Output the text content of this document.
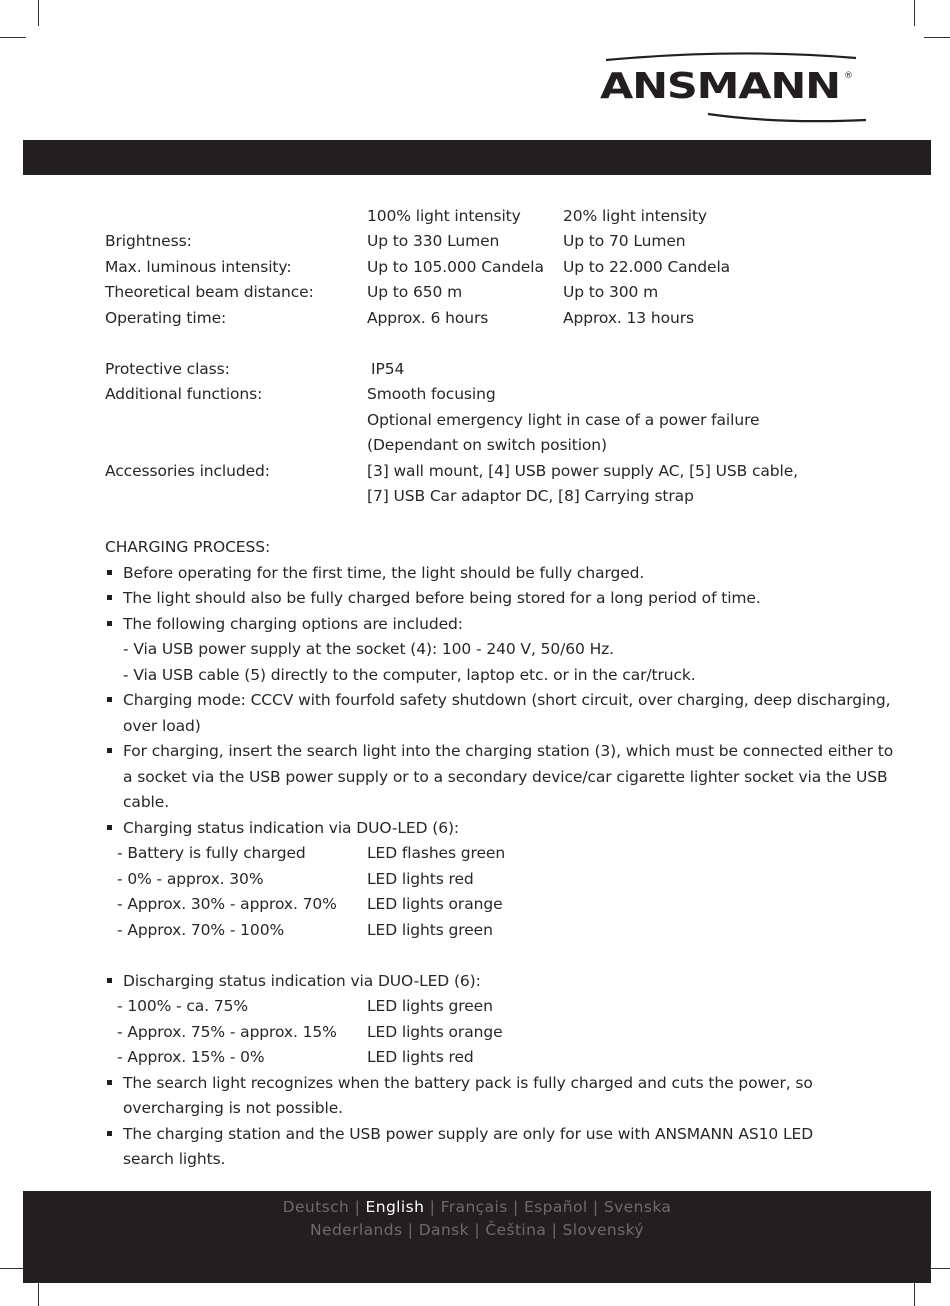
ANSMANN ®
100% light intensity	20% light intensity
Brightness:	Up to 330 Lumen	Up to 70 Lumen
Max. luminous intensity:	Up to 105.000 Candela Up to 22.000 Candela
Theoretical beam distance:	Up to 650 m	Up to 300 m
Operating time:	Approx. 6 hours	Approx. 13 hours
Protective class:	IP54
Additional functions:	Smooth focusing
Optional emergency light in case of a power failure
(Dependant on switch position)
Accessories included:	[3] wall mount, [4] USB power supply AC, [5] USB cable,
[7] USB Car adaptor DC, [8] Carrying strap
CHARGING PROCESS:
Before operating for the first time, the light should be fully charged.
The light should also be fully charged before being stored for a long period of time.
The following charging options are included:
- Via USB power supply at the socket (4): 100 - 240 V, 50/60 Hz.
- Via USB cable (5) directly to the computer, laptop etc. or in the car/truck.
Charging mode: CCCV with fourfold safety shutdown (short circuit, over charging, deep discharging,
over load)
For charging, insert the search light into the charging station (3), which must be connected either to
a socket via the USB power supply or to a secondary device/car cigarette lighter socket via the USB
cable.
Charging status indication via DUO-LED (6):
- Battery is fully charged	LED flashes green
- 0% - approx. 30%	LED lights red
- Approx. 30% - approx. 70% LED lights orange
- Approx. 70% - 100%	LED lights green
Discharging status indication via DUO-LED (6):
- 100% - ca. 75%	LED lights green
- Approx. 75% - approx. 15% LED lights orange
- Approx. 15% - 0%	LED lights red
The search light recognizes when the battery pack is fully charged and cuts the power, so
overcharging is not possible.
The charging station and the USB power supply are only for use with ANSMANN AS10 LED
search lights.
Deutsch | English | Français | Español | Svenska
Nederlands | Dansk | Čeština | Slovenský
